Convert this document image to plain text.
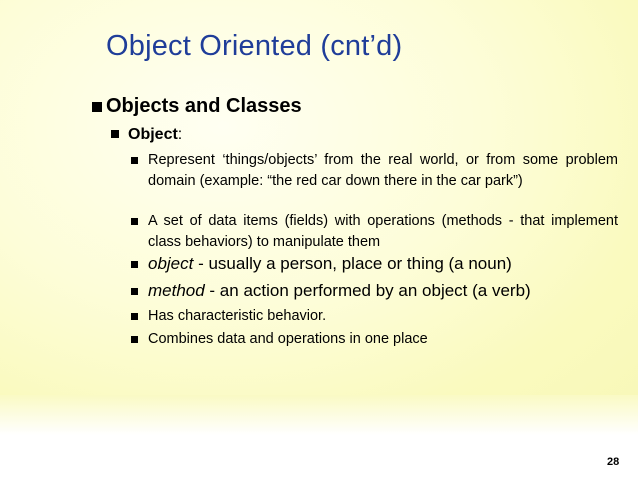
Object Oriented (cnt’d)
Objects and Classes
Object:
Represent ‘things/objects’ from the real world, or from some problem domain (example: “the red car down there in the car park”)
A set of data items (fields) with operations (methods - that implement class behaviors) to manipulate them
object - usually a person, place or thing (a noun)
method - an action performed by an object (a verb)
Has characteristic behavior.
Combines data and operations in one place
28
